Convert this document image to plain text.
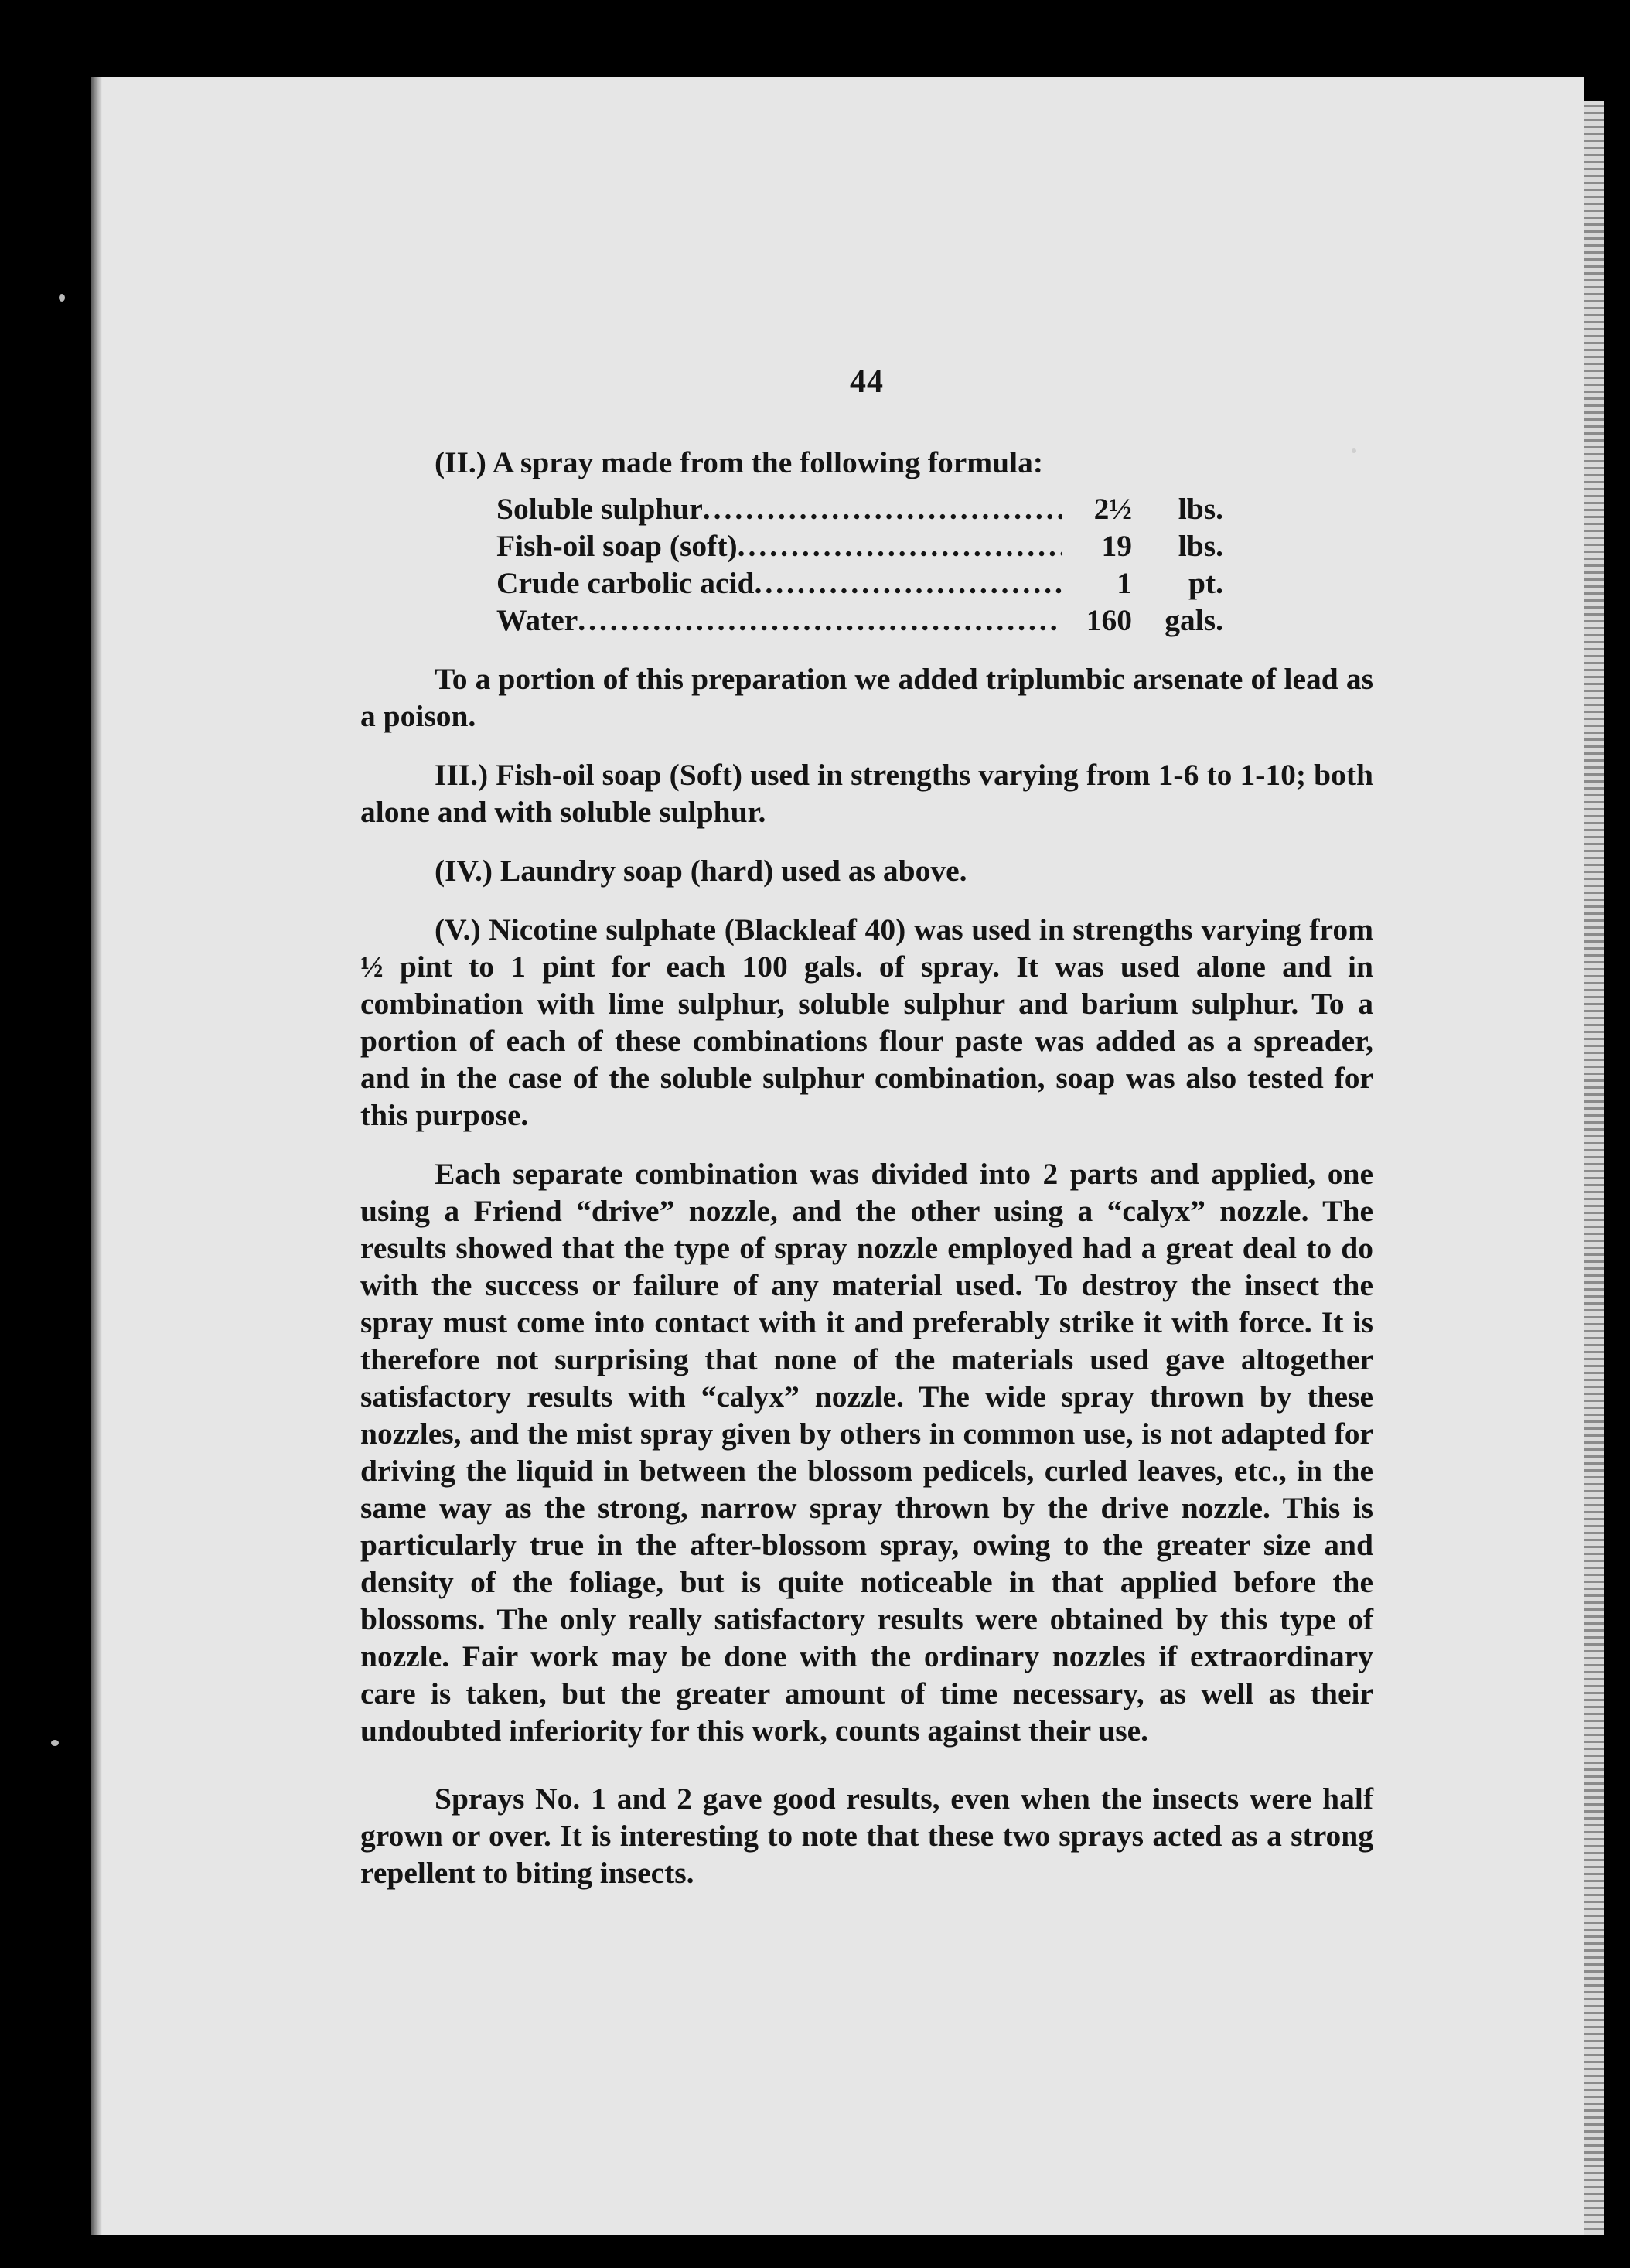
44

(II.) A spray made from the following formula:

Soluble sulphur .....	2½	lbs.
Fish-oil soap (soft) .....	19	lbs.
Crude carbolic acid .....	1	pt.
Water .....	160	gals.

To a portion of this preparation we added triplumbic arsenate of lead as a poison.

III.) Fish-oil soap (Soft) used in strengths varying from 1-6 to 1-10; both alone and with soluble sulphur.

(IV.) Laundry soap (hard) used as above.

(V.) Nicotine sulphate (Blackleaf 40) was used in strengths varying from ½ pint to 1 pint for each 100 gals. of spray. It was used alone and in combination with lime sulphur, soluble sulphur and barium sulphur. To a portion of each of these combinations flour paste was added as a spreader, and in the case of the soluble sulphur combination, soap was also tested for this purpose.

Each separate combination was divided into 2 parts and applied, one using a Friend “drive” nozzle, and the other using a “calyx” nozzle. The results showed that the type of spray nozzle employed had a great deal to do with the success or failure of any material used. To destroy the insect the spray must come into contact with it and preferably strike it with force. It is therefore not surprising that none of the materials used gave altogether satisfactory results with “calyx” nozzle. The wide spray thrown by these nozzles, and the mist spray given by others in common use, is not adapted for driving the liquid in between the blossom pedicels, curled leaves, etc., in the same way as the strong, narrow spray thrown by the drive nozzle. This is particularly true in the after-blossom spray, owing to the greater size and density of the foliage, but is quite noticeable in that applied before the blossoms. The only really satisfactory results were obtained by this type of nozzle. Fair work may be done with the ordinary nozzles if extraordinary care is taken, but the greater amount of time necessary, as well as their undoubted inferiority for this work, counts against their use.

Sprays No. 1 and 2 gave good results, even when the insects were half grown or over. It is interesting to note that these two sprays acted as a strong repellent to biting insects.
